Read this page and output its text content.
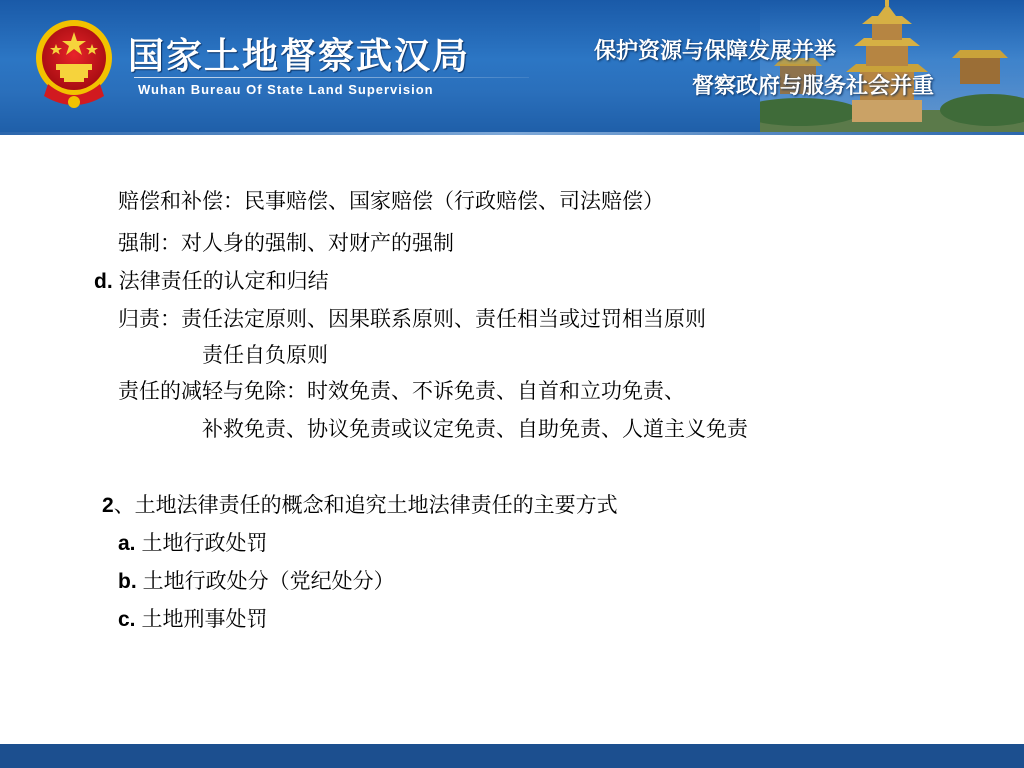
国家土地督察武汉局
Wuhan Bureau Of State Land Supervision
保护资源与保障发展并举
督察政府与服务社会并重
赔偿和补偿：民事赔偿、国家赔偿（行政赔偿、司法赔偿）
强制：对人身的强制、对财产的强制
d. 法律责任的认定和归结
归责：责任法定原则、因果联系原则、责任相当或过罚相当原则
责任自负原则
责任的减轻与免除：时效免责、不诉免责、自首和立功免责、
补救免责、协议免责或议定免责、自助免责、人道主义免责
2、土地法律责任的概念和追究土地法律责任的主要方式
a. 土地行政处罚
b. 土地行政处分（党纪处分）
c. 土地刑事处罚
